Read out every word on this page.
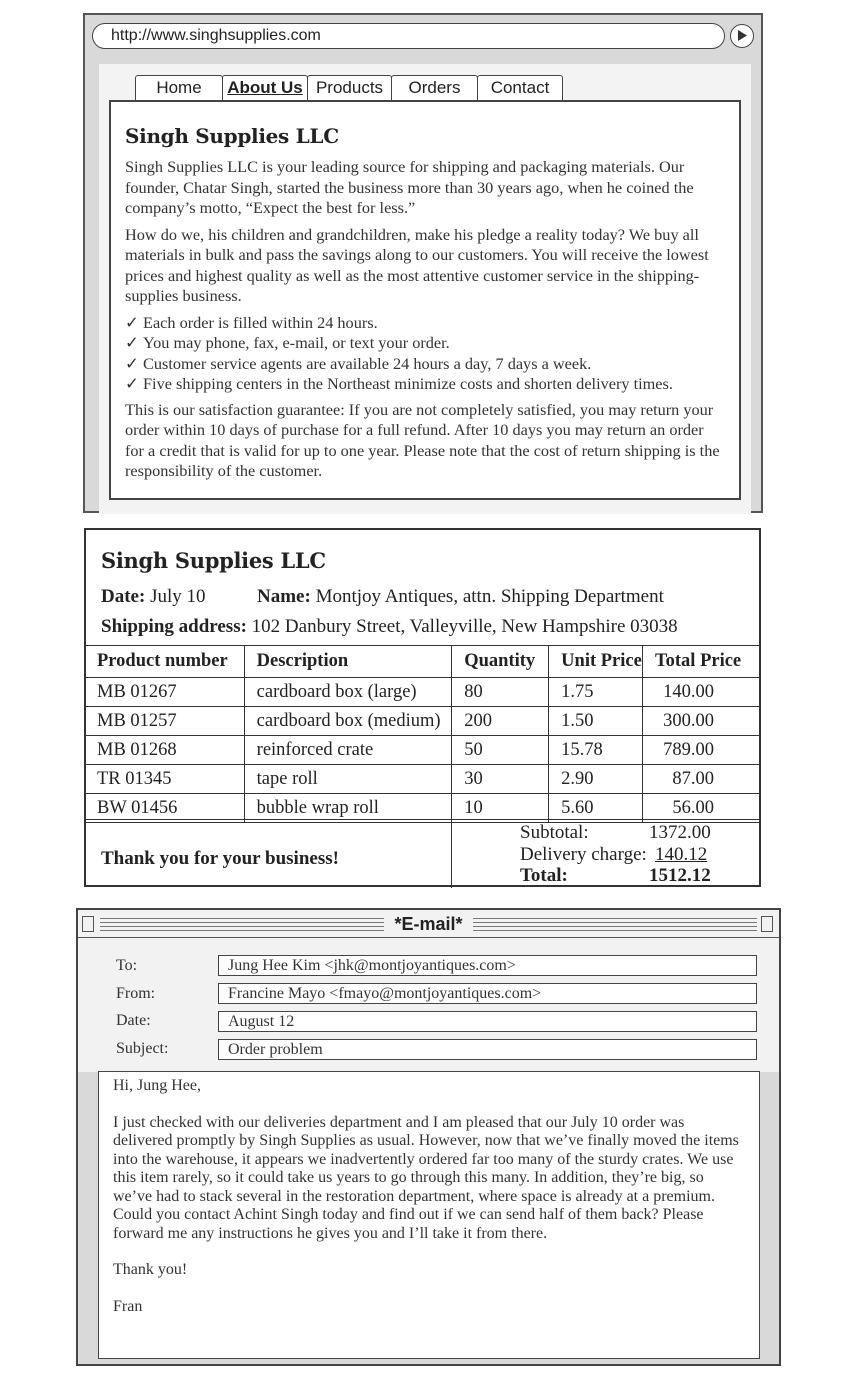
http://www.singhsupplies.com
Home	About Us Products	Orders	Contact
Singh Supplies LLC

Singh Supplies LLC is your leading source for shipping and packaging materials. Our founder, Chatar Singh, started the business more than 30 years ago, when he coined the company’s motto, “Expect the best for less.”

How do we, his children and grandchildren, make his pledge a reality today? We buy all materials in bulk and pass the savings along to our customers. You will receive the lowest prices and highest quality as well as the most attentive customer service in the shipping-supplies business.

✓ Each order is filled within 24 hours.
✓ You may phone, fax, e-mail, or text your order.
✓ Customer service agents are available 24 hours a day, 7 days a week.
✓ Five shipping centers in the Northeast minimize costs and shorten delivery times.

This is our satisfaction guarantee: If you are not completely satisfied, you may return your order within 10 days of purchase for a full refund. After 10 days you may return an order for a credit that is valid for up to one year. Please note that the cost of return shipping is the responsibility of the customer.

Singh Supplies LLC
Date: July 10	Name: Montjoy Antiques, attn. Shipping Department
Shipping address: 102 Danbury Street, Valleyville, New Hampshire 03038
Product number	Description	Quantity	Unit Price	Total Price
MB 01267	cardboard box (large)	80	1.75	140.00
MB 01257	cardboard box (medium)	200	1.50	300.00
MB 01268	reinforced crate	50	15.78	789.00
TR 01345	tape roll	30	2.90	87.00
BW 01456	bubble wrap roll	10	5.60	56.00
Thank you for your business!
Subtotal:	1372.00
Delivery charge: 140.12
Total:	1512.12
*E-mail*
To:	Jung Hee Kim <jhk@montjoyantiques.com>
From:	Francine Mayo <fmayo@montjoyantiques.com>
Date:	August 12
Subject:	Order problem

Hi, Jung Hee,

I just checked with our deliveries department and I am pleased that our July 10 order was delivered promptly by Singh Supplies as usual. However, now that we’ve finally moved the items into the warehouse, it appears we inadvertently ordered far too many of the sturdy crates. We use this item rarely, so it could take us years to go through this many. In addition, they’re big, so we’ve had to stack several in the restoration department, where space is already at a premium. Could you contact Achint Singh today and find out if we can send half of them back? Please forward me any instructions he gives you and I’ll take it from there.

Thank you!

Fran
